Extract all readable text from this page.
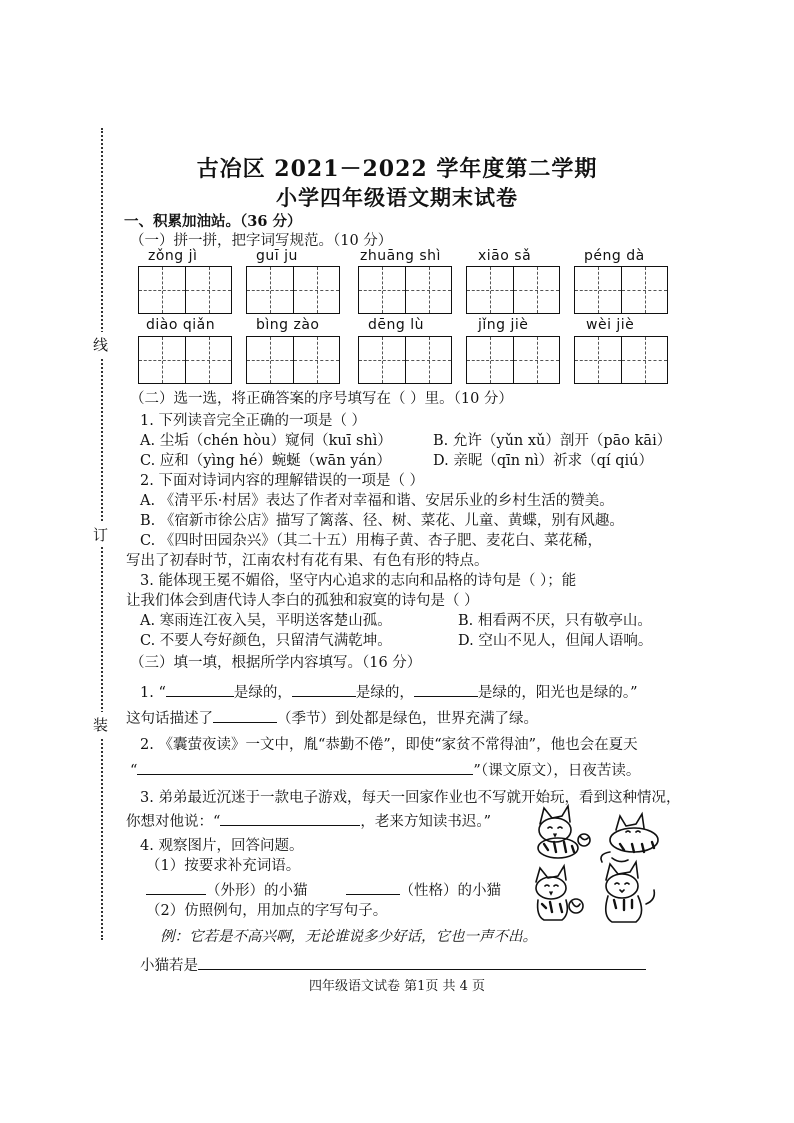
线
订
装
古冶区 2021－2022 学年度第二学期
小学四年级语文期末试卷
一、积累加油站。（36 分）
（一）拼一拼，把字词写规范。（10 分）
zǒng jì	guī ju	zhuāng shì	xiāo sǎ	péng dà
diào qiǎn	bìng zào	dēng lù	jǐng jiè	wèi jiè
（二）选一选，将正确答案的序号填写在（ ）里。（10 分）
1. 下列读音完全正确的一项是（ ）
A. 尘垢（chén hòu）窥伺（kuī shì）	B. 允许（yǔn xǔ）剖开（pāo kāi）
C. 应和（yìng hé）蜿蜒（wān yán）	D. 亲昵（qīn nì）祈求（qí qiú）
2. 下面对诗词内容的理解错误的一项是（ ）
A. 《清平乐·村居》表达了作者对幸福和谐、安居乐业的乡村生活的赞美。
B. 《宿新市徐公店》描写了篱落、径、树、菜花、儿童、黄蝶，别有风趣。
C. 《四时田园杂兴》（其二十五）用梅子黄、杏子肥、麦花白、菜花稀，
写出了初春时节，江南农村有花有果、有色有形的特点。
3. 能体现王冕不媚俗，坚守内心追求的志向和品格的诗句是（ ）；能
让我们体会到唐代诗人李白的孤独和寂寞的诗句是（ ）
A. 寒雨连江夜入吴，平明送客楚山孤。	B. 相看两不厌，只有敬亭山。
C. 不要人夸好颜色，只留清气满乾坤。	D. 空山不见人，但闻人语响。
（三）填一填，根据所学内容填写。（16 分）
1. “	是绿的，	是绿的，	是绿的，阳光也是绿的。”
这句话描述了	（季节）到处都是绿色，世界充满了绿。
2. 《囊萤夜读》一文中，胤“恭勤不倦”，即使“家贫不常得油”，他也会在夏天
“	”（课文原文），日夜苦读。
3. 弟弟最近沉迷于一款电子游戏，每天一回家作业也不写就开始玩，看到这种情况，
你想对他说：“	，老来方知读书迟。”
4. 观察图片，回答问题。
（1）按要求补充词语。
（外形）的小猫	（性格）的小猫
（2）仿照例句，用加点的字写句子。
例：它若是不高兴啊，无论谁说多少好话，它也一声不出。
小猫若是
四年级语文试卷 第1页 共 4 页
